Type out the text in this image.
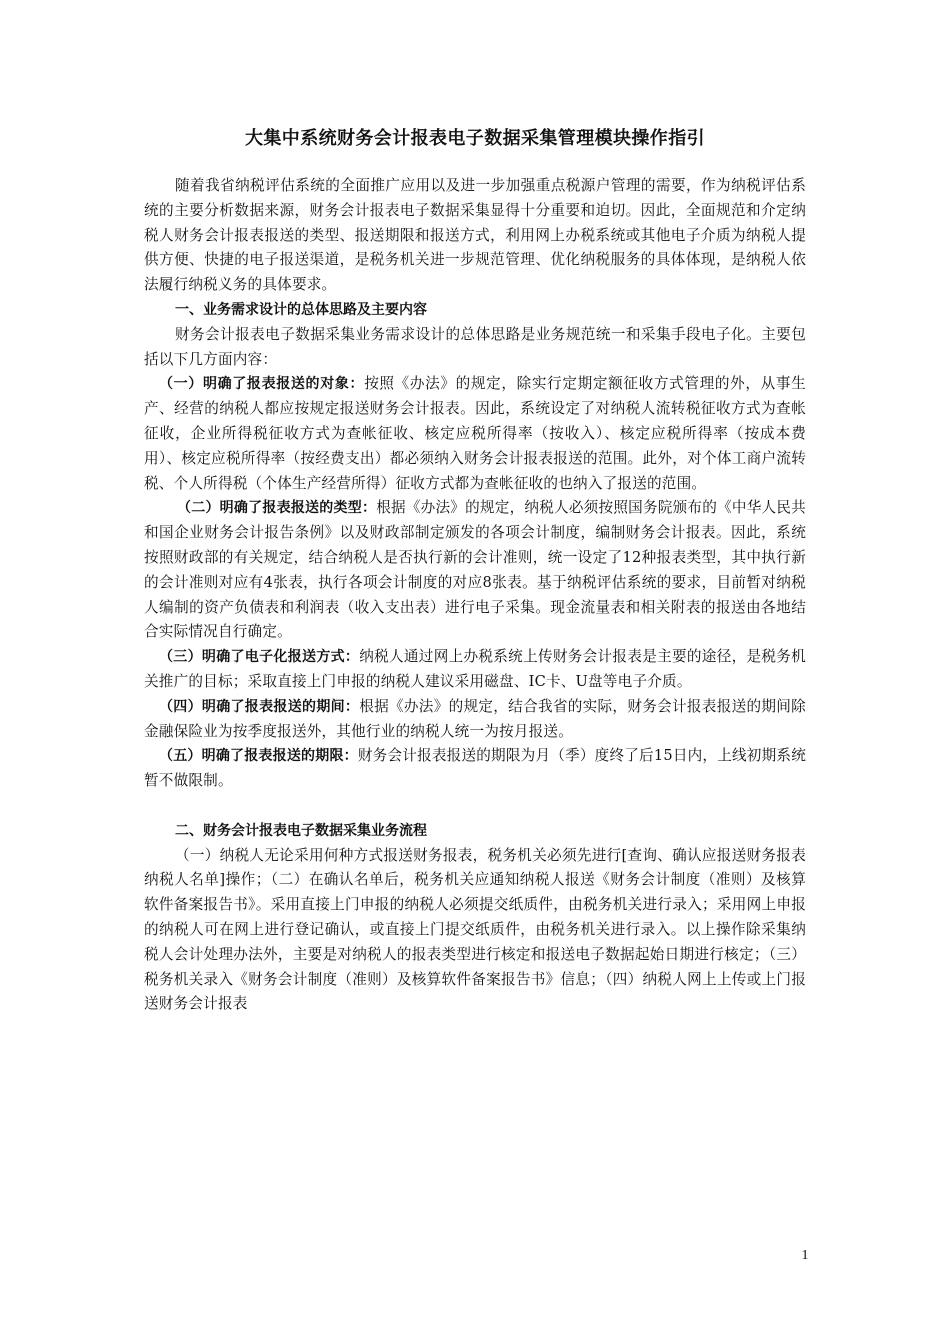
大集中系统财务会计报表电子数据采集管理模块操作指引

随着我省纳税评估系统的全面推广应用以及进一步加强重点税源户管理的需要，作为纳税评估系统的主要分析数据来源，财务会计报表电子数据采集显得十分重要和迫切。因此，全面规范和介定纳税人财务会计报表报送的类型、报送期限和报送方式，利用网上办税系统或其他电子介质为纳税人提供方便、快捷的电子报送渠道，是税务机关进一步规范管理、优化纳税服务的具体体现，是纳税人依法履行纳税义务的具体要求。

一、业务需求设计的总体思路及主要内容

财务会计报表电子数据采集业务需求设计的总体思路是业务规范统一和采集手段电子化。主要包括以下几方面内容：

（一）明确了报表报送的对象：按照《办法》的规定，除实行定期定额征收方式管理的外，从事生产、经营的纳税人都应按规定报送财务会计报表。因此，系统设定了对纳税人流转税征收方式为查帐征收，企业所得税征收方式为查帐征收、核定应税所得率（按收入）、核定应税所得率（按成本费用）、核定应税所得率（按经费支出）都必须纳入财务会计报表报送的范围。此外，对个体工商户流转税、个人所得税（个体生产经营所得）征收方式都为查帐征收的也纳入了报送的范围。

（二）明确了报表报送的类型：根据《办法》的规定，纳税人必须按照国务院颁布的《中华人民共和国企业财务会计报告条例》以及财政部制定颁发的各项会计制度，编制财务会计报表。因此，系统按照财政部的有关规定，结合纳税人是否执行新的会计准则，统一设定了12种报表类型，其中执行新的会计准则对应有4张表，执行各项会计制度的对应8张表。基于纳税评估系统的要求，目前暂对纳税人编制的资产负债表和利润表（收入支出表）进行电子采集。现金流量表和相关附表的报送由各地结合实际情况自行确定。

（三）明确了电子化报送方式：纳税人通过网上办税系统上传财务会计报表是主要的途径，是税务机关推广的目标；采取直接上门申报的纳税人建议采用磁盘、IC卡、U盘等电子介质。

（四）明确了报表报送的期间：根据《办法》的规定，结合我省的实际，财务会计报表报送的期间除金融保险业为按季度报送外，其他行业的纳税人统一为按月报送。

（五）明确了报表报送的期限：财务会计报表报送的期限为月（季）度终了后15日内，上线初期系统暂不做限制。

二、财务会计报表电子数据采集业务流程

（一）纳税人无论采用何种方式报送财务报表，税务机关必须先进行[查询、确认应报送财务报表纳税人名单]操作；（二）在确认名单后，税务机关应通知纳税人报送《财务会计制度（准则）及核算软件备案报告书》。采用直接上门申报的纳税人必须提交纸质件，由税务机关进行录入；采用网上申报的纳税人可在网上进行登记确认，或直接上门提交纸质件，由税务机关进行录入。以上操作除采集纳税人会计处理办法外，主要是对纳税人的报表类型进行核定和报送电子数据起始日期进行核定；（三）税务机关录入《财务会计制度（准则）及核算软件备案报告书》信息；（四）纳税人网上上传或上门报送财务会计报表

1
